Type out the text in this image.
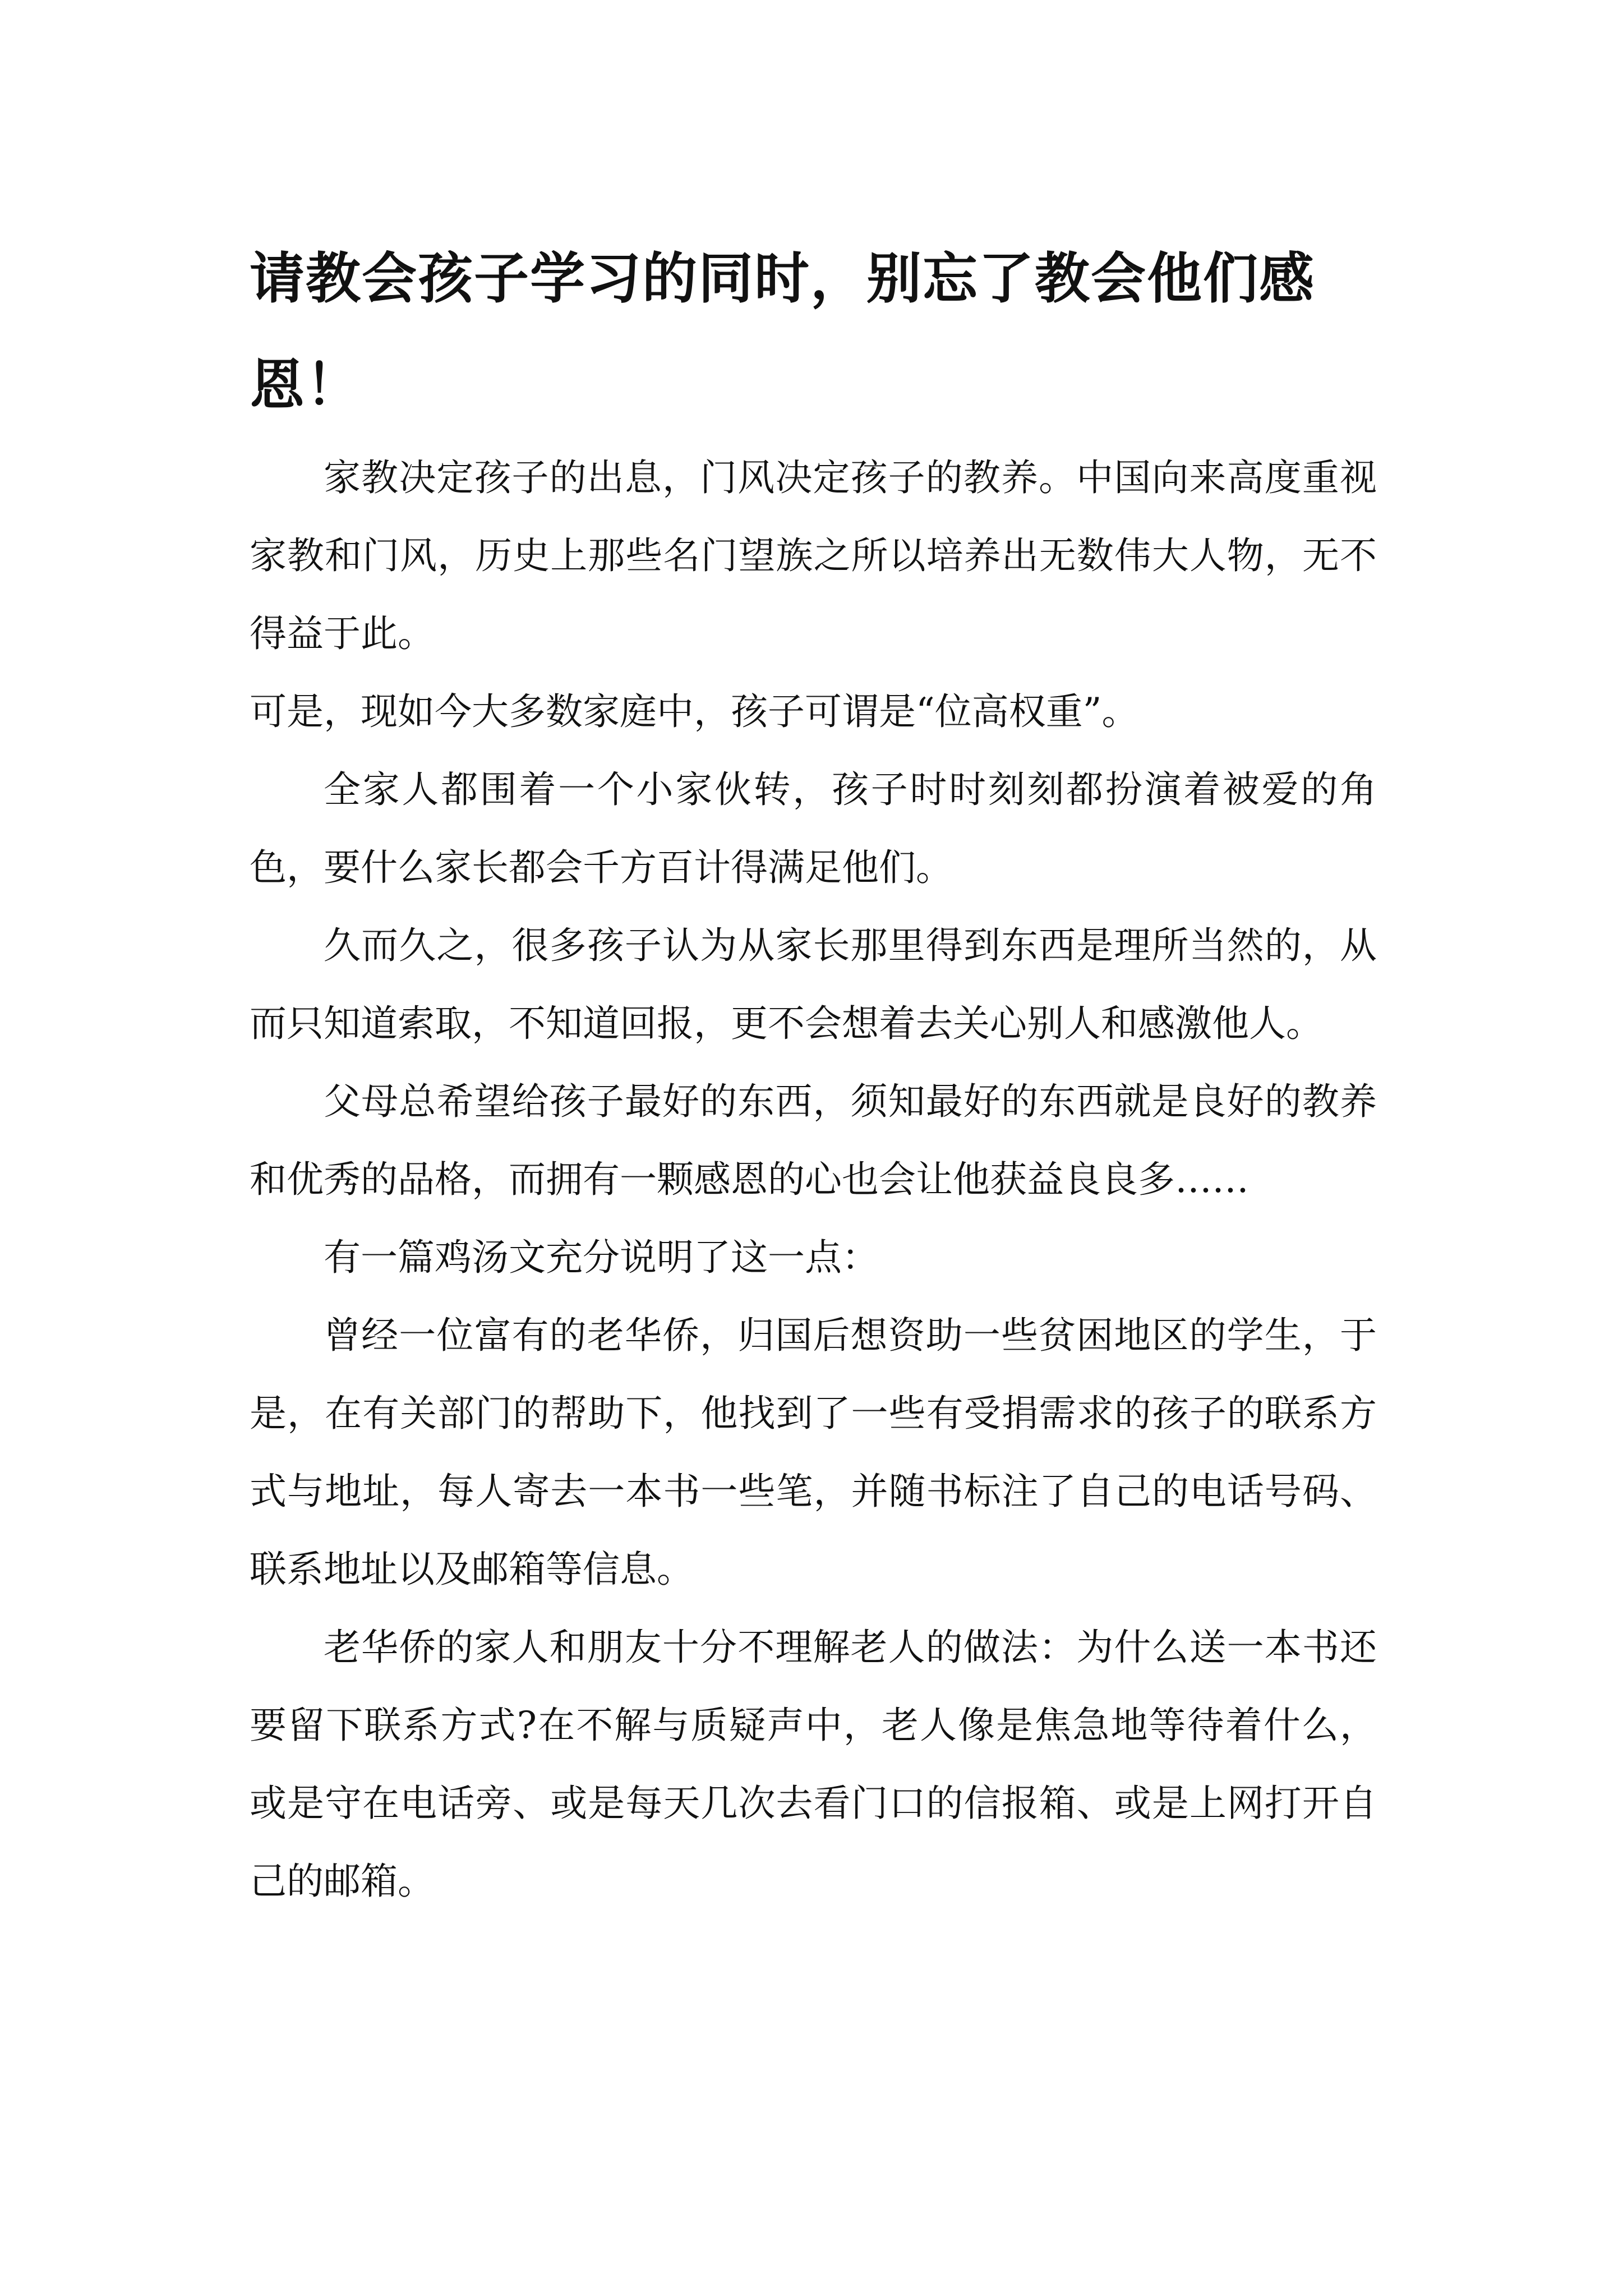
请教会孩子学习的同时，别忘了教会他们感恩！

家教决定孩子的出息，门风决定孩子的教养。中国向来高度重视家教和门风，历史上那些名门望族之所以培养出无数伟大人物，无不得益于此。

可是，现如今大多数家庭中，孩子可谓是“位高权重”。

全家人都围着一个小家伙转，孩子时时刻刻都扮演着被爱的角色，要什么家长都会千方百计得满足他们。

久而久之，很多孩子认为从家长那里得到东西是理所当然的，从而只知道索取，不知道回报，更不会想着去关心别人和感激他人。

父母总希望给孩子最好的东西，须知最好的东西就是良好的教养和优秀的品格，而拥有一颗感恩的心也会让他获益良良多……

有一篇鸡汤文充分说明了这一点：

曾经一位富有的老华侨，归国后想资助一些贫困地区的学生，于是，在有关部门的帮助下，他找到了一些有受捐需求的孩子的联系方式与地址，每人寄去一本书一些笔，并随书标注了自己的电话号码、联系地址以及邮箱等信息。

老华侨的家人和朋友十分不理解老人的做法：为什么送一本书还要留下联系方式?在不解与质疑声中，老人像是焦急地等待着什么，或是守在电话旁、或是每天几次去看门口的信报箱、或是上网打开自己的邮箱。
